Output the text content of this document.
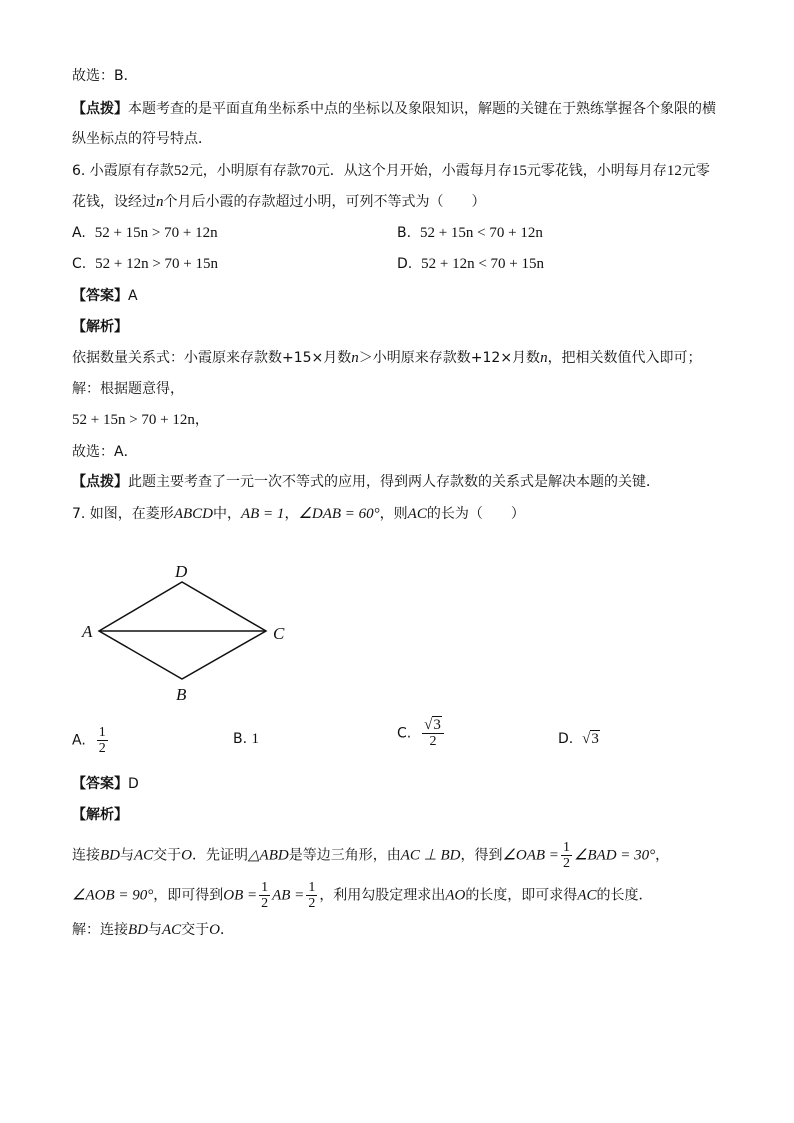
故选：B．
【点拨】本题考查的是平面直角坐标系中点的坐标以及象限知识，解题的关键在于熟练掌握各个象限的横
纵坐标点的符号特点．
6. 小霞原有存款52元，小明原有存款70元．从这个月开始，小霞每月存15元零花钱，小明每月存12元零
花钱，设经过n个月后小霞的存款超过小明，可列不等式为（　　）
A. 52 + 15n > 70 + 12n	B. 52 + 15n < 70 + 12n
C. 52 + 12n > 70 + 15n	D. 52 + 12n < 70 + 15n
【答案】A
【解析】
依据数量关系式：小霞原来存款数+15×月数n＞小明原来存款数+12×月数n，把相关数值代入即可；
解：根据题意得，
52 + 15n > 70 + 12n，
故选：A．
【点拨】此题主要考查了一元一次不等式的应用，得到两人存款数的关系式是解决本题的关键．
7. 如图，在菱形ABCD中，AB = 1，∠DAB = 60°，则AC的长为（　　）
D
A	C
B
A. $\frac{1}{2}$	B. 1	C. $\frac{√3}{2}$	D. √3
【答案】D
【解析】
连接BD与AC交于O．先证明△ABD是等边三角形，由AC ⊥ BD，得到∠OAB = $\frac{1}{2}$ ∠BAD = 30°，
∠AOB = 90°，即可得到OB = $\frac{1}{2}$ AB = $\frac{1}{2}$ ，利用勾股定理求出AO的长度，即可求得AC的长度．
解：连接BD与AC交于O．
